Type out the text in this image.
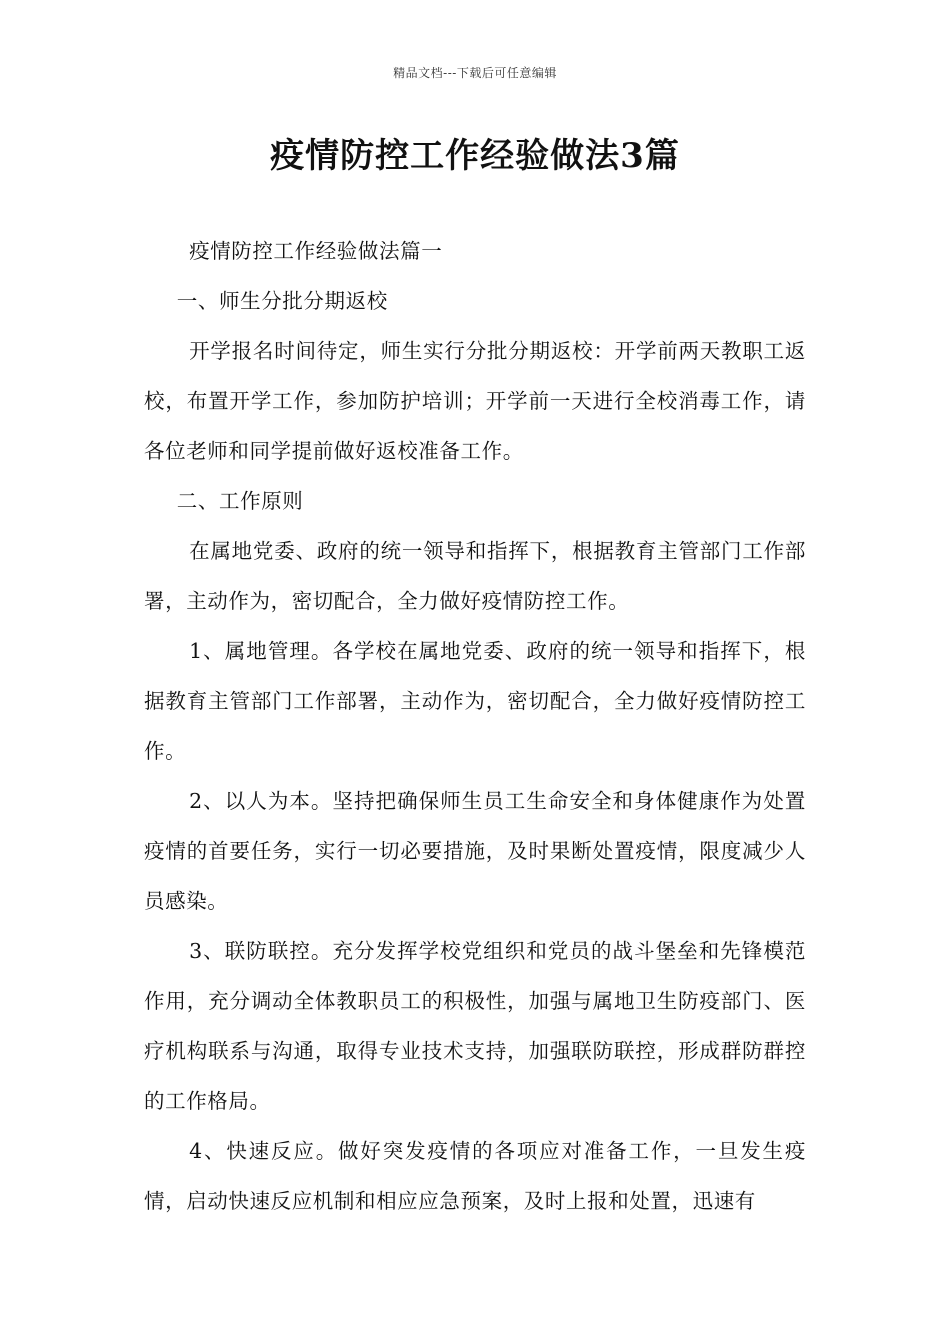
精品文档---下载后可任意编辑
疫情防控工作经验做法3篇

疫情防控工作经验做法篇一

一、师生分批分期返校

开学报名时间待定，师生实行分批分期返校：开学前两天教职工返校，布置开学工作，参加防护培训；开学前一天进行全校消毒工作，请各位老师和同学提前做好返校准备工作。

二、工作原则

在属地党委、政府的统一领导和指挥下，根据教育主管部门工作部署，主动作为，密切配合，全力做好疫情防控工作。

1、属地管理。各学校在属地党委、政府的统一领导和指挥下，根据教育主管部门工作部署，主动作为，密切配合，全力做好疫情防控工作。

2、以人为本。坚持把确保师生员工生命安全和身体健康作为处置疫情的首要任务，实行一切必要措施，及时果断处置疫情，限度减少人员感染。

3、联防联控。充分发挥学校党组织和党员的战斗堡垒和先锋模范作用，充分调动全体教职员工的积极性，加强与属地卫生防疫部门、医疗机构联系与沟通，取得专业技术支持，加强联防联控，形成群防群控的工作格局。

4、快速反应。做好突发疫情的各项应对准备工作，一旦发生疫情，启动快速反应机制和相应应急预案，及时上报和处置，迅速有
